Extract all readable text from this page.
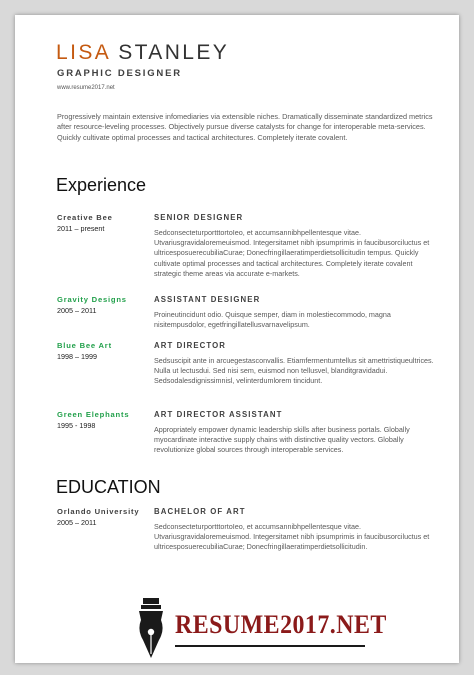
LISA STANLEY
GRAPHIC DESIGNER
www.resume2017.net
Progressively maintain extensive infomediaries via extensible niches. Dramatically disseminate standardized metrics after resource-leveling processes. Objectively pursue diverse catalysts for change for interoperable meta-services. Quickly cultivate optimal processes and tactical architectures. Completely iterate covalent.
Experience
Creative Bee
2011 – present
SENIOR DESIGNER
SedconsecteturportttortoIeo, et accumsannibhpellentesque vitae. Utvariusgravidaloremeuismod. Integersitamet nibh ipsumprimis in faucibusorciluctus et ultricesposuerecubiliaCurae; Donecfringillaeratimperdietsollicitudin tempus. Quickly cultivate optimal processes and tactical architectures. Completely iterate covalent strategic theme areas via accurate e-markets.
Gravity Designs
2005 – 2011
ASSISTANT DESIGNER
Proineutincidunt odio. Quisque semper, diam in molestiecommodo, magna nisitempusdolor, egetfringillatellusvarnavelipsum.
Blue Bee Art
1998 – 1999
ART DIRECTOR
Sedsuscipit ante in arcuegestasconvallis. Etiamfermentumtellus sit amettristiqueultrices. Nulla ut lectusdui. Sed nisi sem, euismod non tellusvel, blanditgravidadui. Sedsodalesdignissimnisl, velinterdumlorem tincidunt.
Green Elephants
1995 - 1998
ART DIRECTOR ASSISTANT
Appropriately empower dynamic leadership skills after business portals. Globally myocardinate interactive supply chains with distinctive quality vectors. Globally revolutionize global sources through interoperable services.
EDUCATION
Orlando University
2005 – 2011
BACHELOR OF ART
SedconsecteturportttortoIeo, et accumsannibhpellentesque vitae. Utvariusgravidaloremeuismod. Integersitamet nibh ipsumprimis in faucibusorciluctus et ultricesposuerecubiliaCurae; Donecfringillaeratimperdietsollicitudin.
RESUME2017.NET
